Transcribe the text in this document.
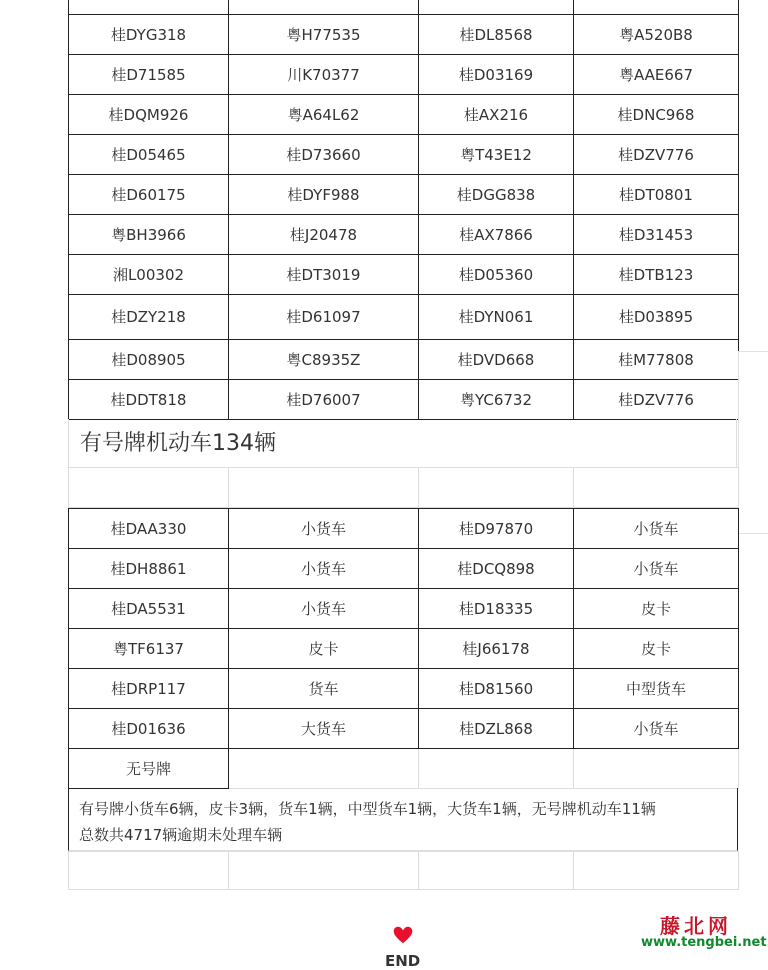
桂DYG318	粤H77535	桂DL8568	粤A520B8
桂D71585	川K70377	桂D03169	粤AAE667
桂DQM926	粤A64L62	桂AX216	桂DNC968
桂D05465	桂D73660	粤T43E12	桂DZV776
桂D60175	桂DYF988	桂DGG838	桂DT0801
粤BH3966	桂J20478	桂AX7866	桂D31453
湘L00302	桂DT3019	桂D05360	桂DTB123
桂DZY218	桂D61097	桂DYN061	桂D03895
桂D08905	粤C8935Z	桂DVD668	桂M77808
桂DDT818	桂D76007	粤YC6732	桂DZV776
有号牌机动车134辆

桂DAA330	小货车	桂D97870	小货车
桂DH8861	小货车	桂DCQ898	小货车
桂DA5531	小货车	桂D18335	皮卡
粤TF6137	皮卡	桂J66178	皮卡
桂DRP117	货车	桂D81560	中型货车
桂D01636	大货车	桂DZL868	小货车
无号牌			

有号牌小货车6辆，皮卡3辆，货车1辆，中型货车1辆，大货车1辆，无号牌机动车11辆

总数共4717辆逾期未处理车辆

END
藤北网
www.tengbei.net
